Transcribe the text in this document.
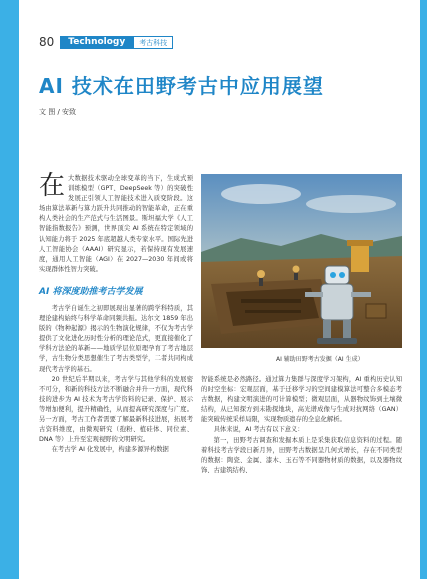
80	Technology	考古科技
AI 技术在田野考古中应用展望
文 图 / 安致
在 大数据技术驱动全球变革的当下，生成式预训练模型（GPT、DeepSeek 等）的突破性发展正引领人工智能技术进入质变阶段。这场由算法革新与算力跃升共同推动的智能革命，正在重构人类社会的生产范式与生活图景。斯坦福大学《人工智能指数报告》预测，世界顶尖 AI 系统在特定领域的认知能力将于 2025 年底超越人类专家水平。国际先进人工智能协会（AAAI）研究显示，若保持现有发展速度，通用人工智能（AGI）在 2027—2030 年间或将实现群体性智力突破。

AI 将深度助推考古学发展

考古学自诞生之初即展现出显著的跨学科特质，其理论建构始终与科学革命同频共振。达尔文 1859 年出版的《物种起源》揭示的生物演化规律，不仅为考古学提供了文化进化历时性分析的理论范式，更直接催化了学科方法论的革新——地质学层位原理孕育了考古地层学，古生物分类思想催生了考古类型学，二者共同构成现代考古学的基石。

20 世纪后半期以来，考古学与其他学科的发展密不可分，和新的科技方法不断融合并升一方面，现代科技的进步为 AI 技术为考古学资料的记录、保护、展示等增加便利，提升精确性，从而提高研究深度与广度。另一方面，考古工作者需要了解最新科技进展，拓展考古资料维度，由微观研究（孢粉、植硅体、同位素、DNA 等）上升至宏观视野的文明研究。

在考古学 AI 化发展中，构建多源异构数据

AI 辅助田野考古发掘（AI 生成）

智能系统是必然路径。通过算力集群与深度学习架构，AI 重构历史认知的时空坐标：宏观层面，基于迁移学习的空间建模算法可整合多模态考古数据，构建文明演进的可计算模型；微观层面，从器物纹饰到土壤微结构，从已知探方到未勘探地块，高光谱成像与生成对抗网络（GAN）能突破传统采样局限，实现物质遗存的全息化解析。

具体来说，AI 考古有以下意义：

第一，田野考古调查和发掘本质上是采集获取信息资料的过程。随着科技考古学段日新月异，田野考古数据呈几何式增长，存在不同类型的数据：陶瓷、金属、漆木、玉石等不同器物材质的数据，以及器物纹饰、古建筑结构、
